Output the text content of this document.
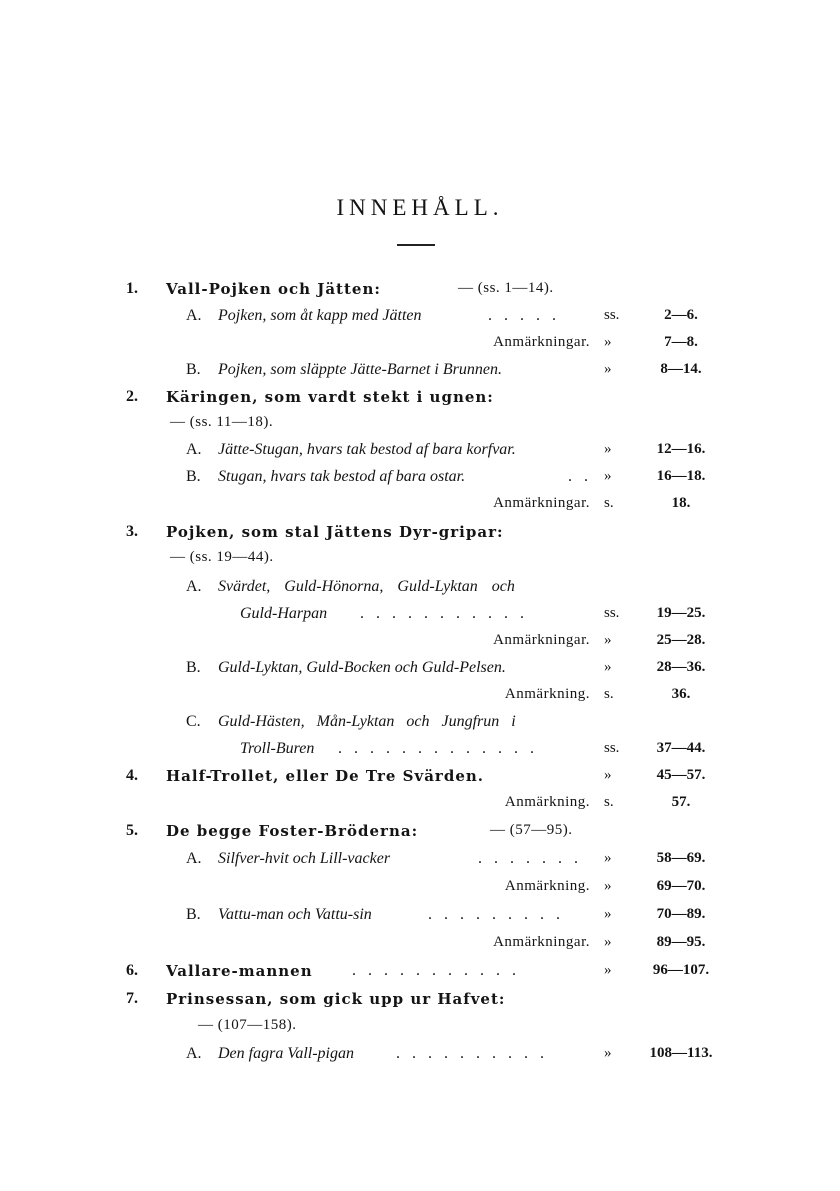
INNEHÅLL.
1. Vall-Pojken och Jätten:	— (ss. 1—14).
A. Pojken, som åt kapp med Jätten	. . . . .	ss.	2—6.
Anmärkningar. »	7—8.
B. Pojken, som släppte Jätte-Barnet i Brunnen.	»	8—14.
2. Käringen, som vardt stekt i ugnen:
— (ss. 11—18).
A. Jätte-Stugan, hvars tak bestod af bara korfvar.	»	12—16.
B. Stugan, hvars tak bestod af bara ostar.	. . »	16—18.
Anmärkningar. s.	18.
3. Pojken, som stal Jättens Dyr-gripar:
— (ss. 19—44).
A. Svärdet, Guld-Hönorna, Guld-Lyktan och
Guld-Harpan . . . . . . . . . . .	ss.	19—25.
Anmärkningar. »	25—28.
B. Guld-Lyktan, Guld-Bocken och Guld-Pelsen.	»	28—36.
Anmärkning. s.	36.
C. Guld-Hästen, Mån-Lyktan och Jungfrun i
Troll-Buren . . . . . . . . . . . . .	ss.	37—44.
4. Half-Trollet, eller De Tre Svärden.	»	45—57.
Anmärkning. s.	57.
5. De begge Foster-Bröderna:	— (57—95).
A. Silfver-hvit och Lill-vacker	. . . . . . . »	58—69.
Anmärkning. »	69—70.
B. Vattu-man och Vattu-sin	. . . . . . . . .	»	70—89.
Anmärkningar. »	89—95.
6. Vallare-mannen . . . . . . . . . . .	»	96—107.
7. Prinsessan, som gick upp ur Hafvet:
— (107—158).
A. Den fagra Vall-pigan	. . . . . . . . . .	»	108—113.
